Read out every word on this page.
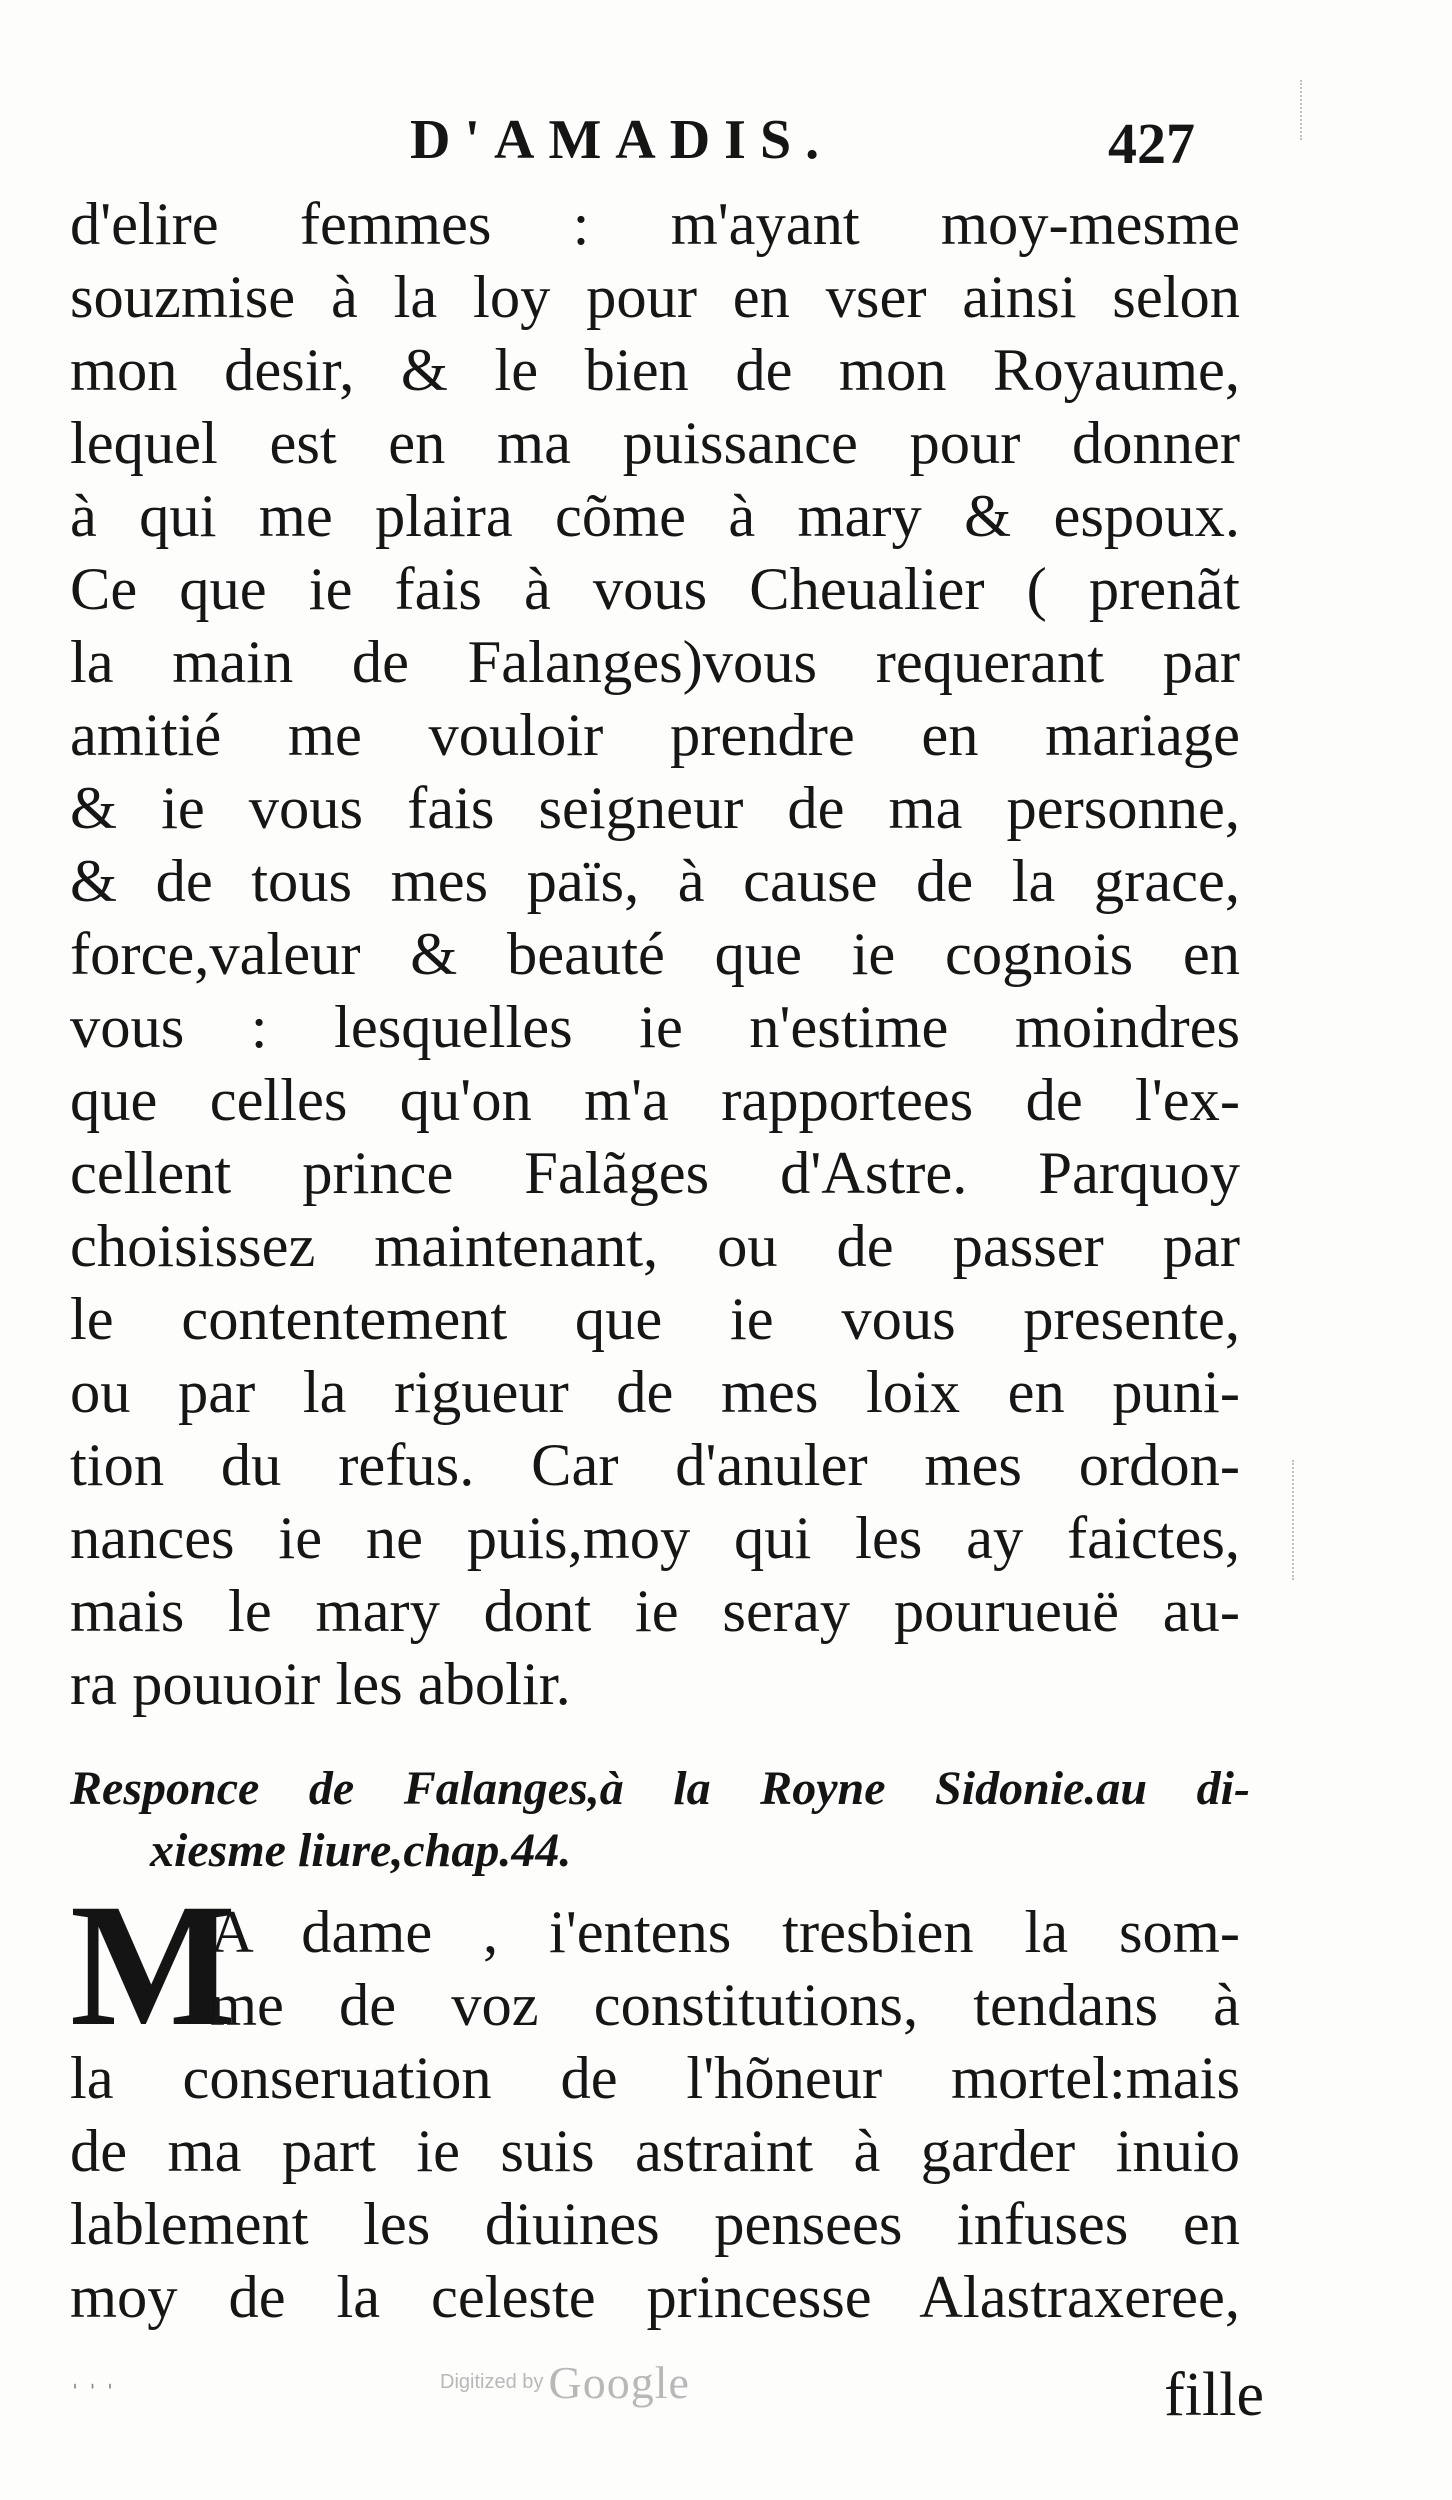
D'AMADIS.	427
d'elire femmes : m'ayant moy-mesme
souzmise à la loy pour en vser ainsi selon
mon desir, & le bien de mon Royaume,
lequel est en ma puissance pour donner
à qui me plaira cõme à mary & espoux.
Ce que ie fais à vous Cheualier ( prenãt
la main de Falanges)vous requerant par
amitié me vouloir prendre en mariage
& ie vous fais seigneur de ma personne,
& de tous mes païs, à cause de la grace,
force,valeur & beauté que ie cognois en
vous : lesquelles ie n'estime moindres
que celles qu'on m'a rapportees de l'ex-
cellent prince Falãges d'Astre. Parquoy
choisissez maintenant, ou de passer par
le contentement que ie vous presente,
ou par la rigueur de mes loix en puni-
tion du refus. Car d'anuler mes ordon-
nances ie ne puis,moy qui les ay faictes,
mais le mary dont ie seray pourueuë au-
ra pouuoir les abolir.
Responce de Falanges,à la Royne Sidonie.au di-
xiesme liure,chap.44.
M
A dame , i'entens tresbien la som-
me de voz constitutions, tendans à
la conseruation de l'hõneur mortel:mais
de ma part ie suis astraint à garder inuio
lablement les diuines pensees infuses en
moy de la celeste princesse Alastraxeree,
ˌ ˌ ˌ	Digitized by Google	fille
